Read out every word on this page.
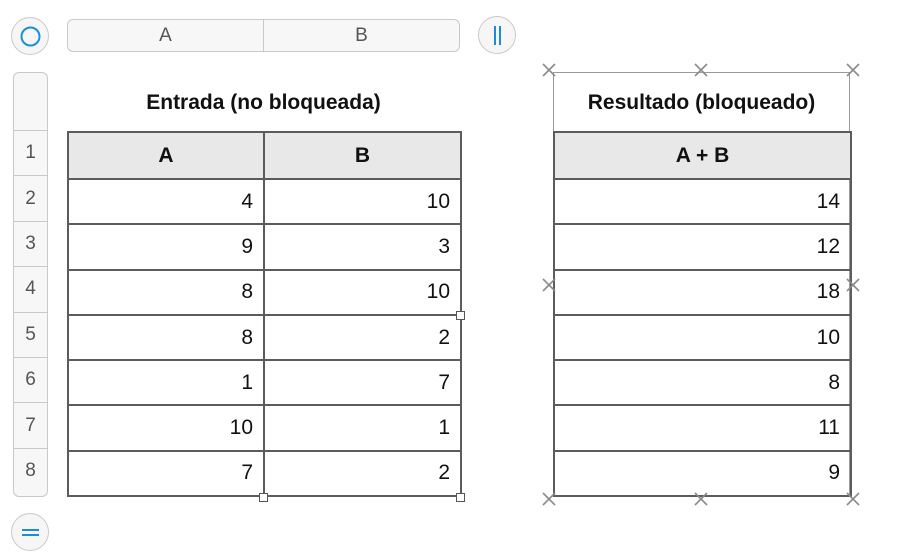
A	B
1
2
3
4
5
6
7
8
Entrada (no bloqueada)
A	B
4	10
9	3
8	10
8	2
1	7
10	1
7	2
Resultado (bloqueado)
A + B
14
12
18
10
8
11
9
